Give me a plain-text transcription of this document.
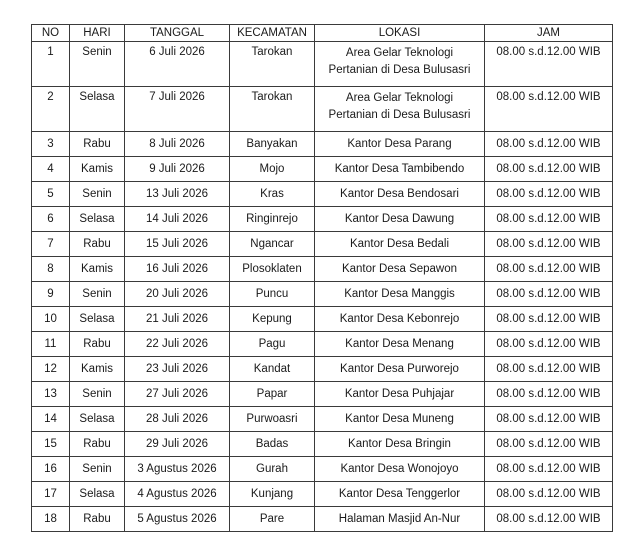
NO	HARI	TANGGAL	KECAMATAN	LOKASI	JAM
1	Senin	6 Juli 2026	Tarokan	Area Gelar Teknologi
Pertanian di Desa Bulusasri	08.00 s.d.12.00 WIB
2	Selasa	7 Juli 2026	Tarokan	Area Gelar Teknologi
Pertanian di Desa Bulusasri	08.00 s.d.12.00 WIB
3	Rabu	8 Juli 2026	Banyakan	Kantor Desa Parang	08.00 s.d.12.00 WIB
4	Kamis	9 Juli 2026	Mojo	Kantor Desa Tambibendo	08.00 s.d.12.00 WIB
5	Senin	13 Juli 2026	Kras	Kantor Desa Bendosari	08.00 s.d.12.00 WIB
6	Selasa	14 Juli 2026	Ringinrejo	Kantor Desa Dawung	08.00 s.d.12.00 WIB
7	Rabu	15 Juli 2026	Ngancar	Kantor Desa Bedali	08.00 s.d.12.00 WIB
8	Kamis	16 Juli 2026	Plosoklaten	Kantor Desa Sepawon	08.00 s.d.12.00 WIB
9	Senin	20 Juli 2026	Puncu	Kantor Desa Manggis	08.00 s.d.12.00 WIB
10	Selasa	21 Juli 2026	Kepung	Kantor Desa Kebonrejo	08.00 s.d.12.00 WIB
11	Rabu	22 Juli 2026	Pagu	Kantor Desa Menang	08.00 s.d.12.00 WIB
12	Kamis	23 Juli 2026	Kandat	Kantor Desa Purworejo	08.00 s.d.12.00 WIB
13	Senin	27 Juli 2026	Papar	Kantor Desa Puhjajar	08.00 s.d.12.00 WIB
14	Selasa	28 Juli 2026	Purwoasri	Kantor Desa Muneng	08.00 s.d.12.00 WIB
15	Rabu	29 Juli 2026	Badas	Kantor Desa Bringin	08.00 s.d.12.00 WIB
16	Senin	3 Agustus 2026	Gurah	Kantor Desa Wonojoyo	08.00 s.d.12.00 WIB
17	Selasa	4 Agustus 2026	Kunjang	Kantor Desa Tenggerlor	08.00 s.d.12.00 WIB
18	Rabu	5 Agustus 2026	Pare	Halaman Masjid An-Nur	08.00 s.d.12.00 WIB
